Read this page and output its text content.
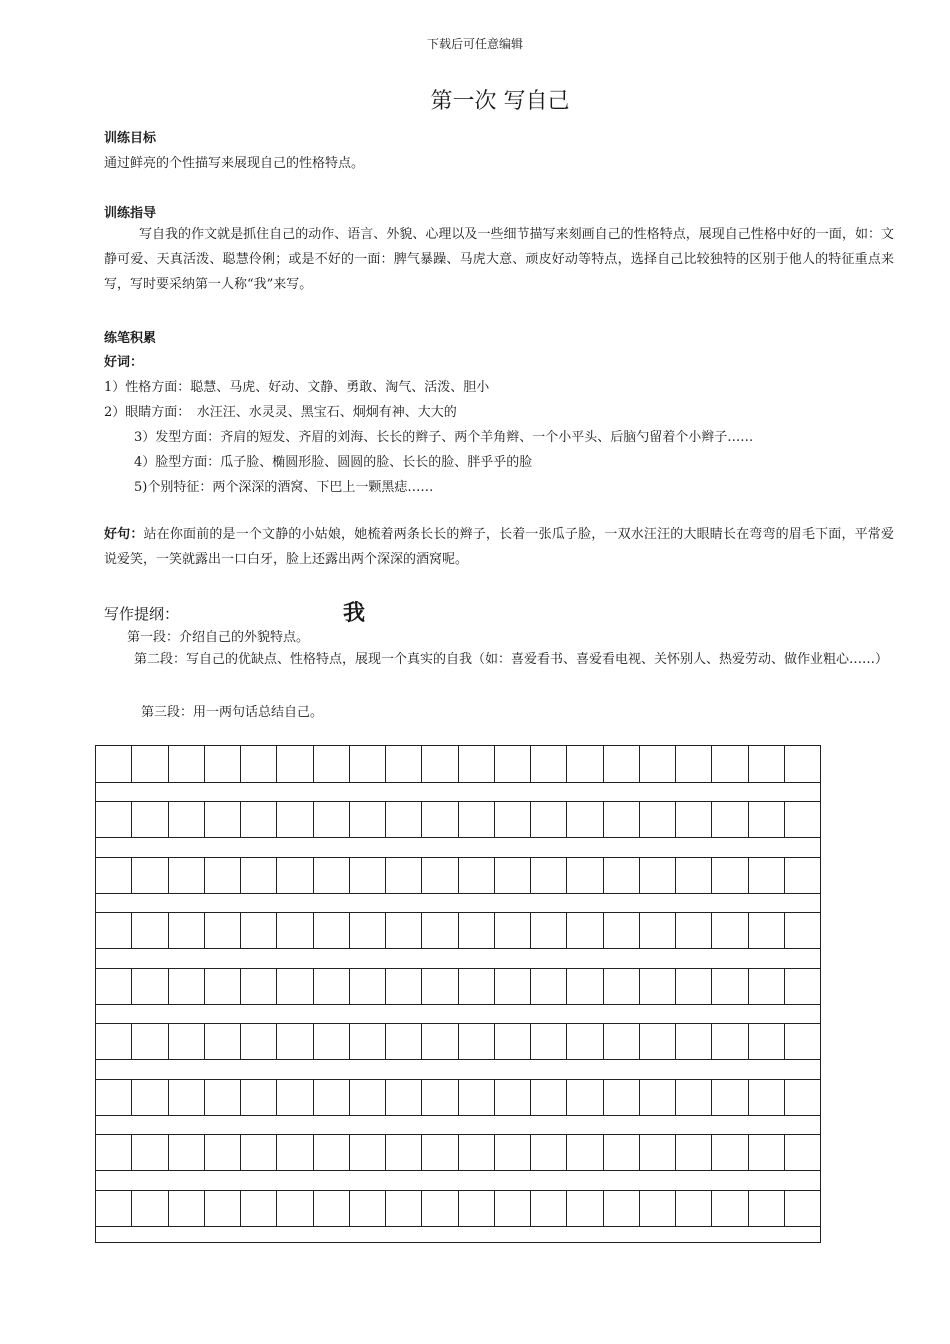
下载后可任意编辑
第一次 写自己
训练目标
通过鲜亮的个性描写来展现自己的性格特点。
训练指导
写自我的作文就是抓住自己的动作、语言、外貌、心理以及一些细节描写来刻画自己的性格特点，展现自己性格中好的一面，如：文静可爱、天真活泼、聪慧伶俐；或是不好的一面：脾气暴躁、马虎大意、顽皮好动等特点，选择自己比较独特的区别于他人的特征重点来写，写时要采纳第一人称“我”来写。
练笔积累
好词：
1）性格方面：聪慧、马虎、好动、文静、勇敢、淘气、活泼、胆小
2）眼睛方面：　水汪汪、水灵灵、黑宝石、炯炯有神、大大的
3）发型方面：齐肩的短发、齐眉的刘海、长长的辫子、两个羊角辫、一个小平头、后脑勺留着个小辫子……
4）脸型方面：瓜子脸、椭圆形脸、圆圆的脸、长长的脸、胖乎乎的脸
5)个别特征：两个深深的酒窝、下巴上一颗黑痣……
好句：站在你面前的是一个文静的小姑娘，她梳着两条长长的辫子，长着一张瓜子脸，一双水汪汪的大眼睛长在弯弯的眉毛下面，平常爱说爱笑，一笑就露出一口白牙，脸上还露出两个深深的酒窝呢。
写作提纲：	我
第一段：介绍自己的外貌特点。
第二段：写自己的优缺点、性格特点，展现一个真实的自我（如：喜爱看书、喜爱看电视、关怀别人、热爱劳动、做作业粗心……）
第三段：用一两句话总结自己。
